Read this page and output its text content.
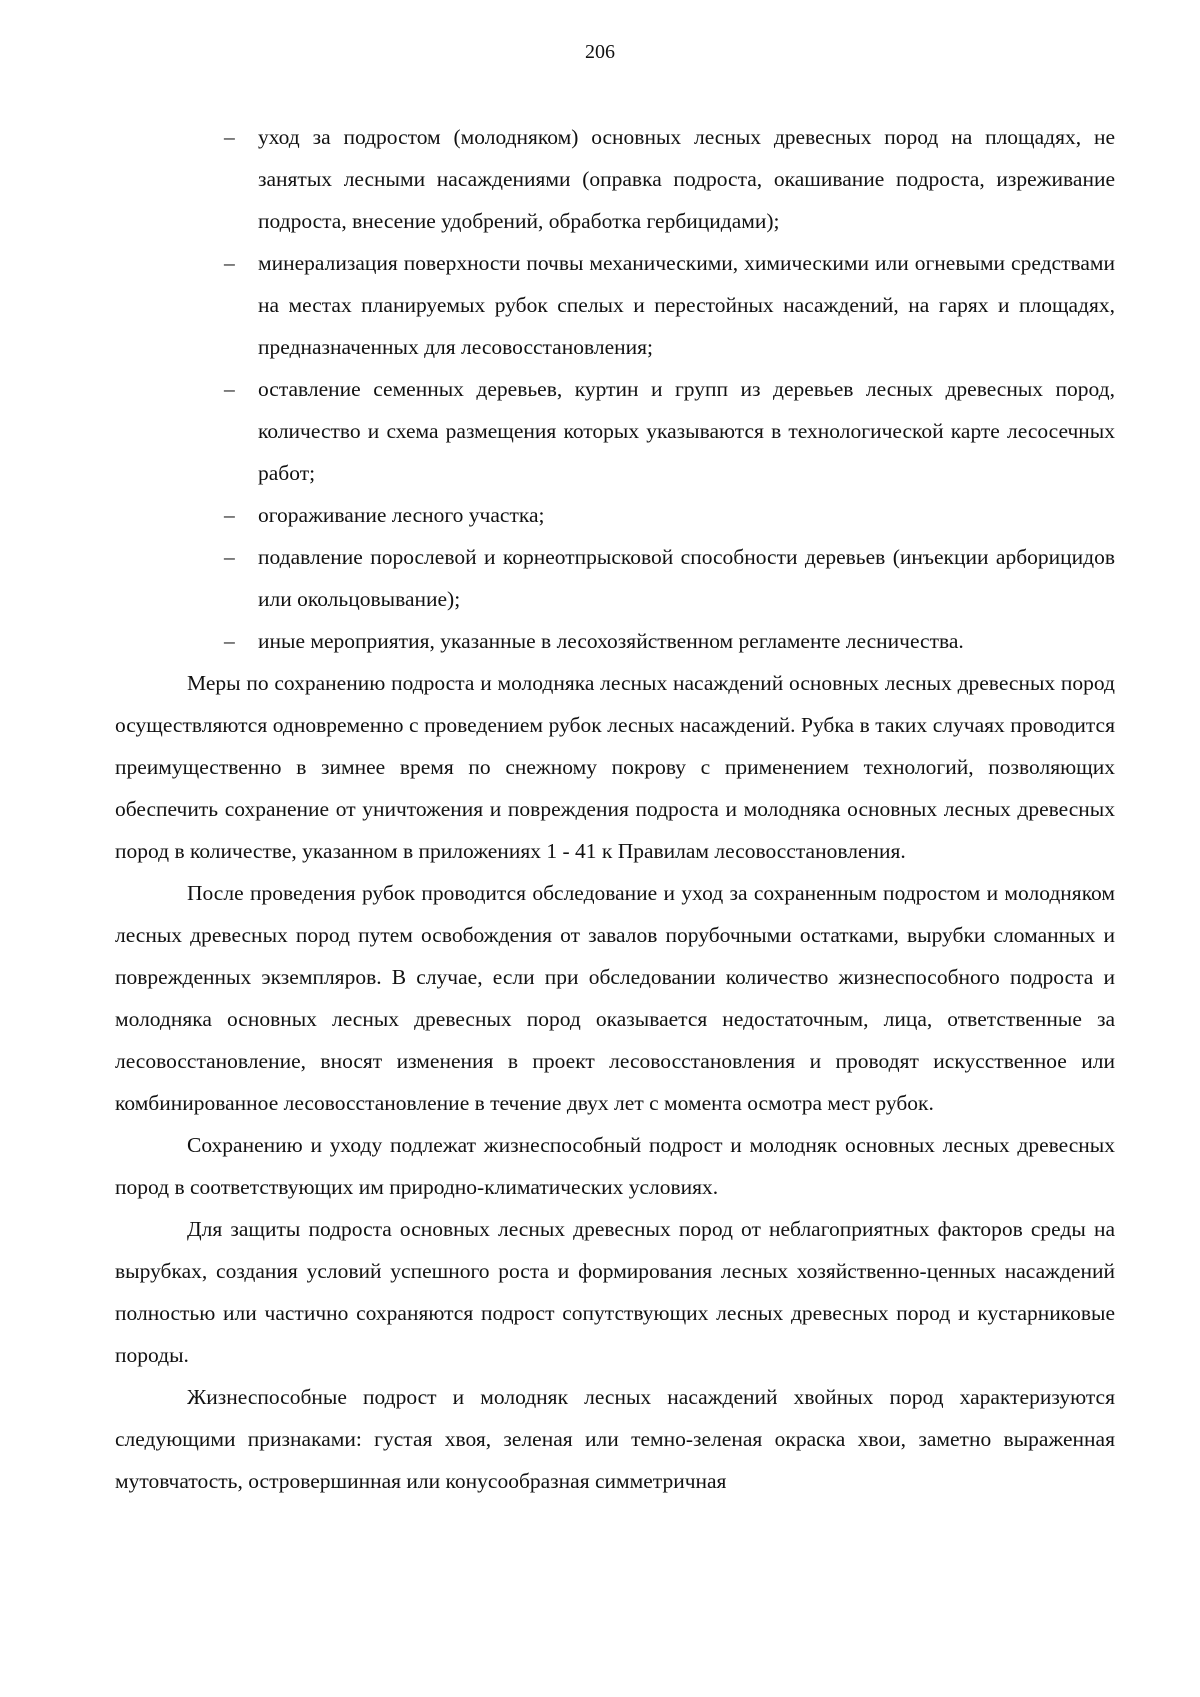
206
– уход за подростом (молодняком) основных лесных древесных пород на площадях, не занятых лесными насаждениями (оправка подроста, окашивание подроста, изреживание подроста, внесение удобрений, обработка гербицидами);
– минерализация поверхности почвы механическими, химическими или огневыми средствами на местах планируемых рубок спелых и перестойных насаждений, на гарях и площадях, предназначенных для лесовосстановления;
– оставление семенных деревьев, куртин и групп из деревьев лесных древесных пород, количество и схема размещения которых указываются в технологической карте лесосечных работ;
– огораживание лесного участка;
– подавление порослевой и корнеотпрысковой способности деревьев (инъекции арборицидов или окольцовывание);
– иные мероприятия, указанные в лесохозяйственном регламенте лесничества.

Меры по сохранению подроста и молодняка лесных насаждений основных лесных древесных пород осуществляются одновременно с проведением рубок лесных насаждений. Рубка в таких случаях проводится преимущественно в зимнее время по снежному покрову с применением технологий, позволяющих обеспечить сохранение от уничтожения и повреждения подроста и молодняка основных лесных древесных пород в количестве, указанном в приложениях 1 - 41 к Правилам лесовосстановления.

После проведения рубок проводится обследование и уход за сохраненным подростом и молодняком лесных древесных пород путем освобождения от завалов порубочными остатками, вырубки сломанных и поврежденных экземпляров. В случае, если при обследовании количество жизнеспособного подроста и молодняка основных лесных древесных пород оказывается недостаточным, лица, ответственные за лесовосстановление, вносят изменения в проект лесовосстановления и проводят искусственное или комбинированное лесовосстановление в течение двух лет с момента осмотра мест рубок.

Сохранению и уходу подлежат жизнеспособный подрост и молодняк основных лесных древесных пород в соответствующих им природно-климатических условиях.

Для защиты подроста основных лесных древесных пород от неблагоприятных факторов среды на вырубках, создания условий успешного роста и формирования лесных хозяйственно-ценных насаждений полностью или частично сохраняются подрост сопутствующих лесных древесных пород и кустарниковые породы.

Жизнеспособные подрост и молодняк лесных насаждений хвойных пород характеризуются следующими признаками: густая хвоя, зеленая или темно-зеленая окраска хвои, заметно выраженная мутовчатость, островершинная или конусообразная симметричная
